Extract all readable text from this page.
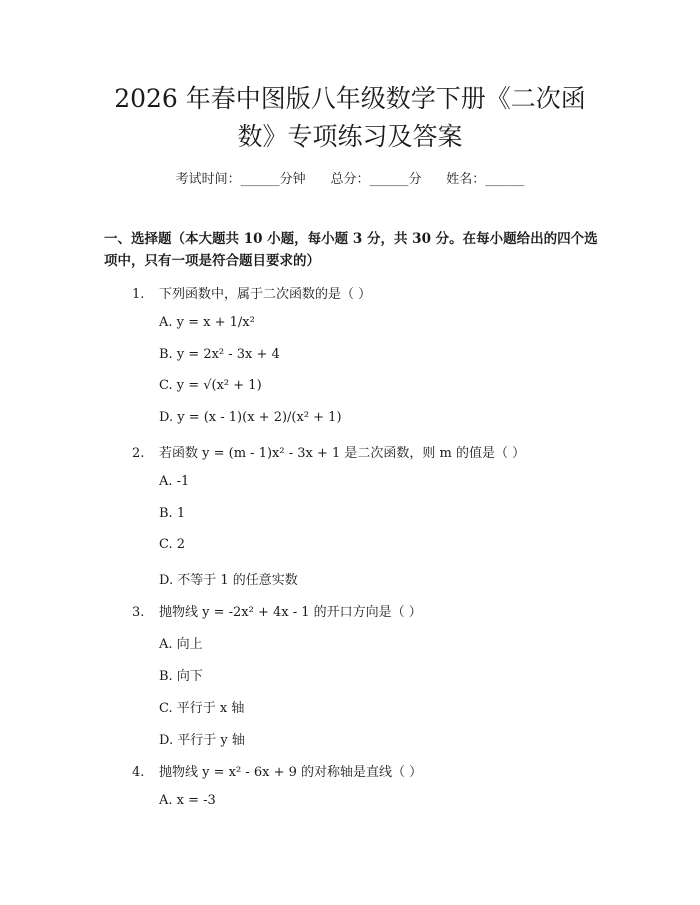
2026 年春中图版八年级数学下册《二次函
数》专项练习及答案
考试时间：______分钟 总分：______分 姓名：______
一、选择题（本大题共 10 小题，每小题 3 分，共 30 分。在每小题给出的四个选
项中，只有一项是符合题目要求的）
1. 下列函数中，属于二次函数的是（ ）
A. y = x + 1/x²
B. y = 2x² - 3x + 4
C. y = √(x² + 1)
D. y = (x - 1)(x + 2)/(x² + 1)
2. 若函数 y = (m - 1)x² - 3x + 1 是二次函数，则 m 的值是（ ）
A. -1
B. 1
C. 2
D. 不等于 1 的任意实数
3. 抛物线 y = -2x² + 4x - 1 的开口方向是（ ）
A. 向上
B. 向下
C. 平行于 x 轴
D. 平行于 y 轴
4. 抛物线 y = x² - 6x + 9 的对称轴是直线（ ）
A. x = -3
